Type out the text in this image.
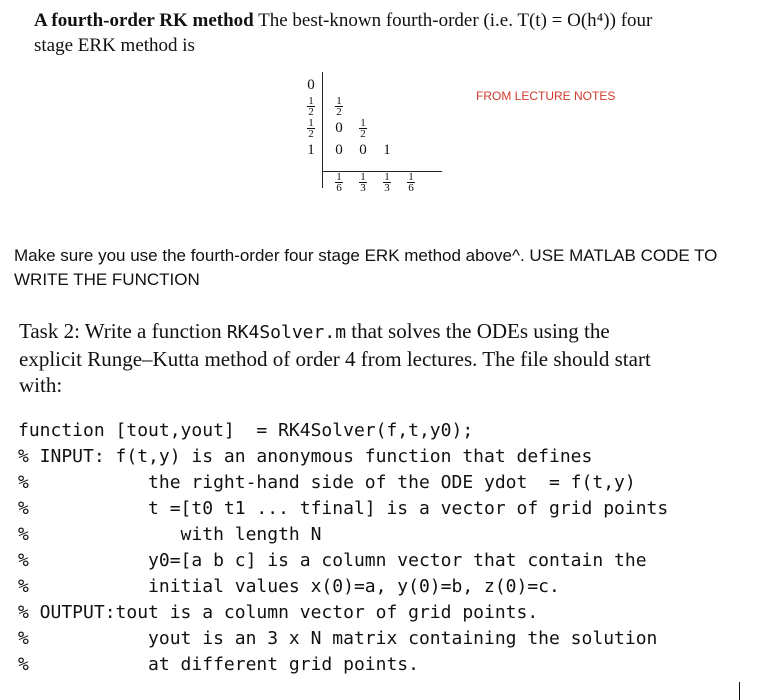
A fourth-order RK method The best-known fourth-order (i.e. T(t) = O(h⁴)) four
stage ERK method is
0
$\frac{1}{2}$
$\frac{1}{2}$
1
$\frac{1}{2}$
0	$\frac{1}{2}$
0 0 1
$\frac{1}{6} \frac{1}{3} \frac{1}{3} \frac{1}{6}$
FROM LECTURE NOTES
Make sure you use the fourth-order four stage ERK method above^. USE MATLAB CODE TO WRITE THE FUNCTION
Task 2: Write a function RK4Solver.m that solves the ODEs using the explicit Runge–Kutta method of order 4 from lectures. The file should start with:
function [tout,yout]  = RK4Solver(f,t,y0);
% INPUT: f(t,y) is an anonymous function that defines
%           the right-hand side of the ODE ydot  = f(t,y)
%           t =[t0 t1 ... tfinal] is a vector of grid points
%              with length N
%           y0=[a b c] is a column vector that contain the
%           initial values x(0)=a, y(0)=b, z(0)=c.
% OUTPUT:tout is a column vector of grid points.
%           yout is an 3 x N matrix containing the solution
%           at different grid points.
